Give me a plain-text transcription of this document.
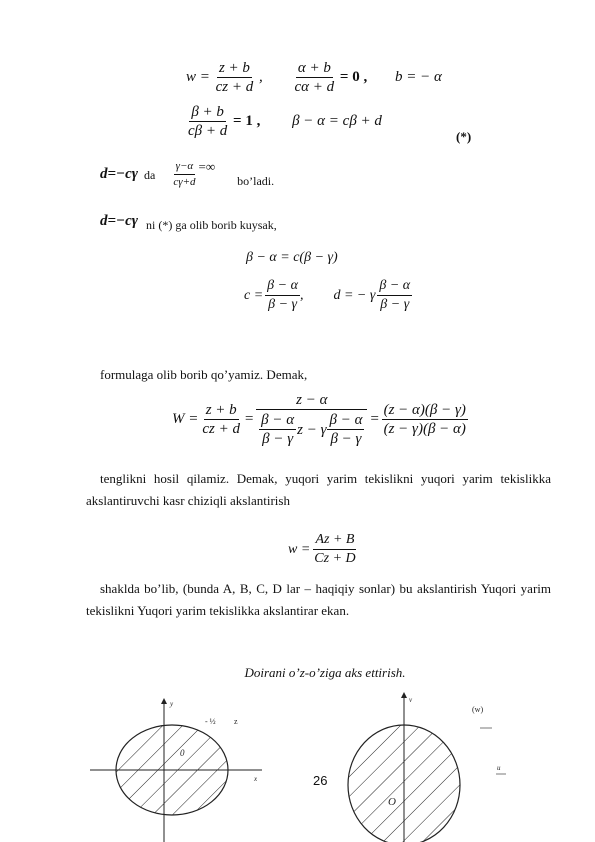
$w = \frac{z + b}{cz + d}$ , $\frac{\alpha + b}{c\alpha + d} = 0$ , b = − α
$\frac{\beta + b}{c\beta + d} = 1$ , β − α = cβ + d
(*)
d=−cγ da $\frac{\gamma-\alpha}{c\gamma+d}$ =∞
bo’ladi.
d=−cγ ni (*) ga olib borib kuysak,
β − α = c(β − γ)
$c = \frac{\beta - \alpha}{\beta - \gamma}$ , d = − γ $\frac{\beta - \alpha}{\beta - \gamma}$
formulaga olib borib qo’yamiz. Demak,
$W = \frac{z + b}{cz + d}$ =
z − α
$\frac{\beta - \alpha}{\beta - \gamma}$ z − γ $\frac{\beta - \alpha}{\beta - \gamma} = \frac{(z - \alpha)(\beta - \gamma)}{(z - \gamma)(\beta - \alpha)}$
tenglikni hosil qilamiz. Demak, yuqori yarim tekislikni yuqori yarim tekislikka akslantiruvchi kasr chiziqli akslantirish
$w = \frac{Az + B}{Cz + D}$
shaklda bo’lib, (bunda A, B, C, D lar – haqiqiy sonlar) bu akslantirish Yuqori yarim tekislikni Yuqori yarim tekislikka akslantirar ekan.
Doirani o’z-o’ziga aks ettirish.
y
x
z
0
- ½
v
u
(w)
O
26
